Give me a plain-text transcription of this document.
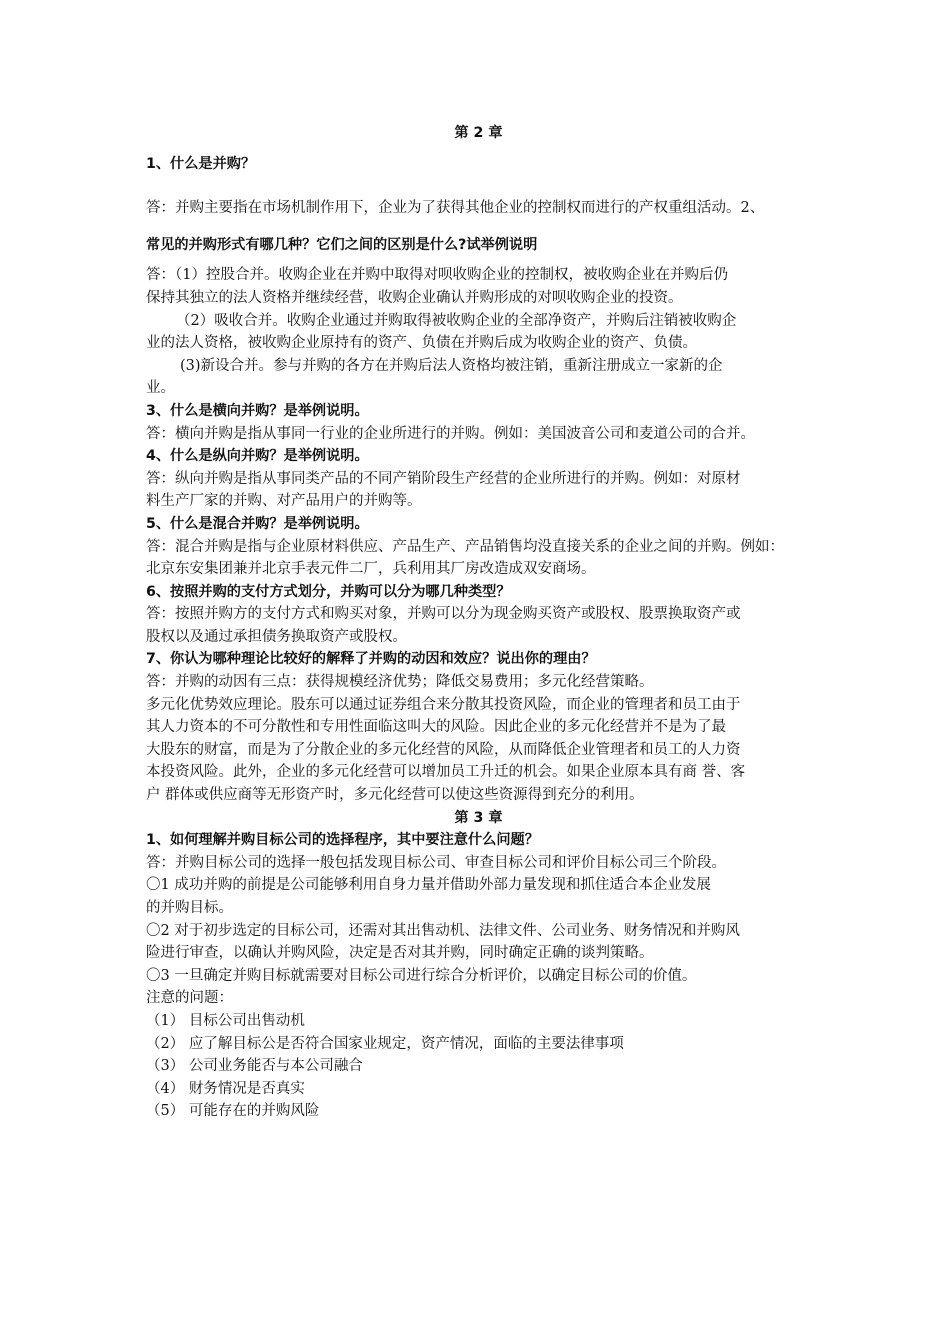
第 2 章
1、什么是并购？
答：并购主要指在市场机制作用下，企业为了获得其他企业的控制权而进行的产权重组活动。2、
常见的并购形式有哪几种？它们之间的区别是什么?试举例说明
答：（1）控股合并。收购企业在并购中取得对呗收购企业的控制权，被收购企业在并购后仍
保持其独立的法人资格并继续经营，收购企业确认并购形成的对呗收购企业的投资。
（2）吸收合并。收购企业通过并购取得被收购企业的全部净资产，并购后注销被收购企
业的法人资格，被收购企业原持有的资产、负债在并购后成为收购企业的资产、负债。
(3)新设合并。参与并购的各方在并购后法人资格均被注销，重新注册成立一家新的企
业。
3、什么是横向并购？是举例说明。
答：横向并购是指从事同一行业的企业所进行的并购。例如：美国波音公司和麦道公司的合并。
4、什么是纵向并购？是举例说明。
答：纵向并购是指从事同类产品的不同产销阶段生产经营的企业所进行的并购。例如：对原材
料生产厂家的并购、对产品用户的并购等。
5、什么是混合并购？是举例说明。
答：混合并购是指与企业原材料供应、产品生产、产品销售均没直接关系的企业之间的并购。例如：
北京东安集团兼并北京手表元件二厂，兵利用其厂房改造成双安商场。
6、按照并购的支付方式划分，并购可以分为哪几种类型？
答：按照并购方的支付方式和购买对象，并购可以分为现金购买资产或股权、股票换取资产或
股权以及通过承担债务换取资产或股权。
7、你认为哪种理论比较好的解释了并购的动因和效应？说出你的理由？
答：并购的动因有三点：获得规模经济优势；降低交易费用；多元化经营策略。
多元化优势效应理论。股东可以通过证券组合来分散其投资风险，而企业的管理者和员工由于
其人力资本的不可分散性和专用性面临这叫大的风险。因此企业的多元化经营并不是为了最
大股东的财富，而是为了分散企业的多元化经营的风险，从而降低企业管理者和员工的人力资
本投资风险。此外，企业的多元化经营可以增加员工升迁的机会。如果企业原本具有商 誉、客
户 群体或供应商等无形资产时，多元化经营可以使这些资源得到充分的利用。
第 3 章
1、如何理解并购目标公司的选择程序，其中要注意什么问题？
答：并购目标公司的选择一般包括发现目标公司、审查目标公司和评价目标公司三个阶段。
〇1 成功并购的前提是公司能够利用自身力量并借助外部力量发现和抓住适合本企业发展
的并购目标。
〇2 对于初步选定的目标公司，还需对其出售动机、法律文件、公司业务、财务情况和并购风
险进行审查，以确认并购风险，决定是否对其并购，同时确定正确的谈判策略。
〇3 一旦确定并购目标就需要对目标公司进行综合分析评价，以确定目标公司的价值。
注意的问题：
（1） 目标公司出售动机
（2） 应了解目标公是否符合国家业规定，资产情况，面临的主要法律事项
（3） 公司业务能否与本公司融合
（4） 财务情况是否真实
（5） 可能存在的并购风险
